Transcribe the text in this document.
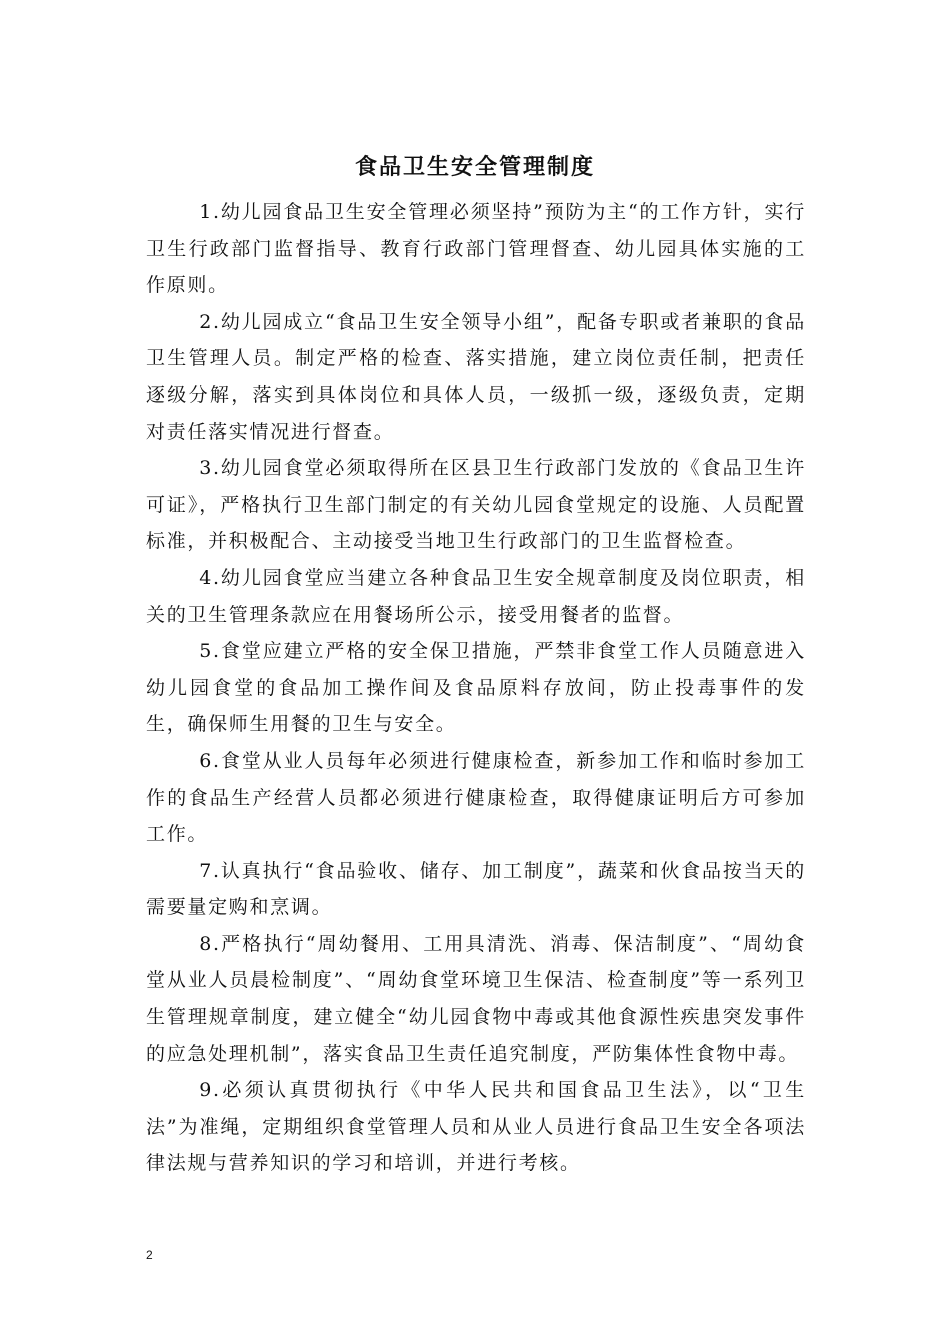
食品卫生安全管理制度

1.幼儿园食品卫生安全管理必须坚持”预防为主“的工作方针，实行卫生行政部门监督指导、教育行政部门管理督查、幼儿园具体实施的工作原则。

2.幼儿园成立“食品卫生安全领导小组”，配备专职或者兼职的食品卫生管理人员。制定严格的检查、落实措施，建立岗位责任制，把责任逐级分解，落实到具体岗位和具体人员，一级抓一级，逐级负责，定期对责任落实情况进行督查。

3.幼儿园食堂必须取得所在区县卫生行政部门发放的《食品卫生许可证》，严格执行卫生部门制定的有关幼儿园食堂规定的设施、人员配置标准，并积极配合、主动接受当地卫生行政部门的卫生监督检查。

4.幼儿园食堂应当建立各种食品卫生安全规章制度及岗位职责，相关的卫生管理条款应在用餐场所公示，接受用餐者的监督。

5.食堂应建立严格的安全保卫措施，严禁非食堂工作人员随意进入幼儿园食堂的食品加工操作间及食品原料存放间，防止投毒事件的发生，确保师生用餐的卫生与安全。

6.食堂从业人员每年必须进行健康检查，新参加工作和临时参加工作的食品生产经营人员都必须进行健康检查，取得健康证明后方可参加工作。

7.认真执行“食品验收、储存、加工制度”，蔬菜和伙食品按当天的需要量定购和烹调。

8.严格执行“周幼餐用、工用具清洗、消毒、保洁制度”、“周幼食堂从业人员晨检制度”、“周幼食堂环境卫生保洁、检查制度”等一系列卫生管理规章制度，建立健全“幼儿园食物中毒或其他食源性疾患突发事件的应急处理机制”，落实食品卫生责任追究制度，严防集体性食物中毒。

9.必须认真贯彻执行《中华人民共和国食品卫生法》，以“卫生法”为准绳，定期组织食堂管理人员和从业人员进行食品卫生安全各项法律法规与营养知识的学习和培训，并进行考核。

2
